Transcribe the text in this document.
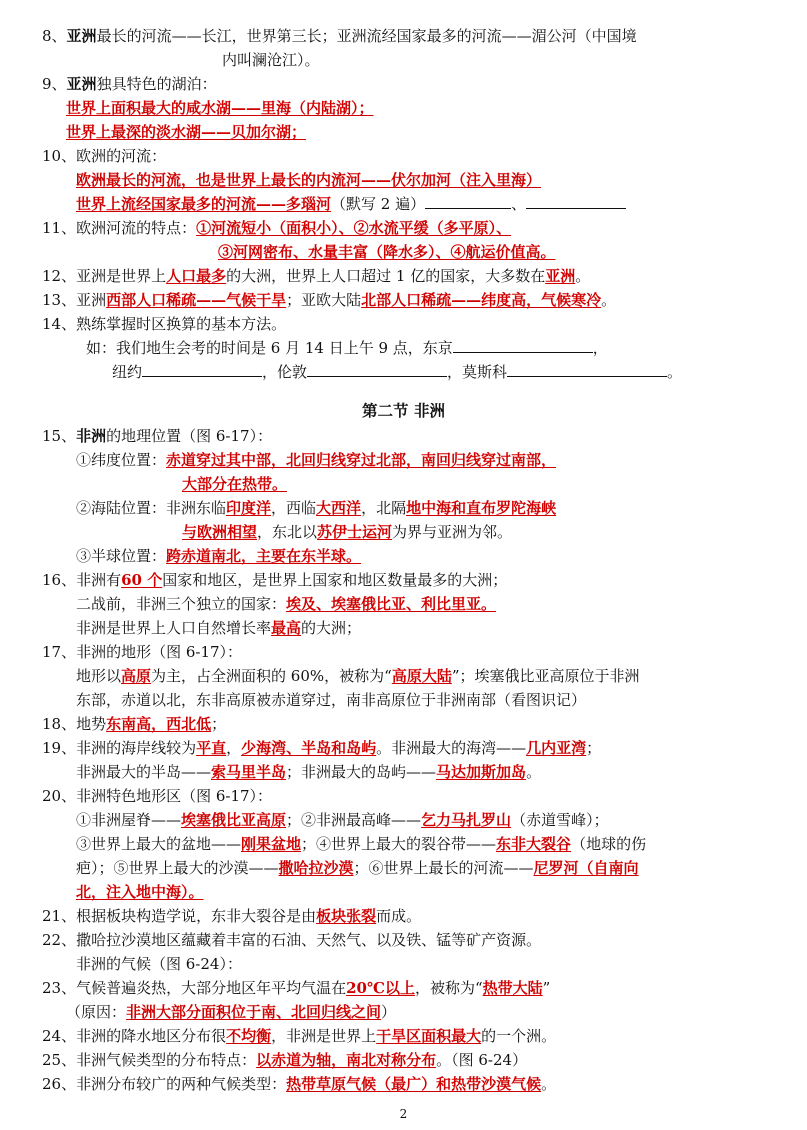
8、亚洲最长的河流——长江，世界第三长；亚洲流经国家最多的河流——湄公河（中国境
内叫澜沧江）。
9、亚洲独具特色的湖泊：
世界上面积最大的咸水湖——里海（内陆湖）；
世界上最深的淡水湖——贝加尔湖；
10、欧洲的河流：
欧洲最长的河流，也是世界上最长的内流河——伏尔加河（注入里海）
世界上流经国家最多的河流——多瑙河（默写 2 遍）	、
11、欧洲河流的特点：①河流短小（面积小）、②水流平缓（多平原）、
③河网密布、水量丰富（降水多）、④航运价值高。
12、亚洲是世界上人口最多的大洲，世界上人口超过 1 亿的国家，大多数在亚洲。
13、亚洲西部人口稀疏——气候干旱；亚欧大陆北部人口稀疏——纬度高，气候寒冷。
14、熟练掌握时区换算的基本方法。
如：我们地生会考的时间是 6 月 14 日上午 9 点，东京	，
纽约	，伦敦	，莫斯科	。
15、非洲的地理位置（图 6-17）：
①纬度位置：赤道穿过其中部，北回归线穿过北部，南回归线穿过南部，
大部分在热带。
②海陆位置：非洲东临印度洋，西临大西洋，北隔地中海和直布罗陀海峡
与欧洲相望，东北以苏伊士运河为界与亚洲为邻。
③半球位置：跨赤道南北，主要在东半球。
16、非洲有60 个国家和地区，是世界上国家和地区数量最多的大洲；
二战前，非洲三个独立的国家：埃及、埃塞俄比亚、利比里亚。
非洲是世界上人口自然增长率最高的大洲；
17、非洲的地形（图 6-17）：
地形以高原为主，占全洲面积的 60%，被称为“高原大陆”；埃塞俄比亚高原位于非洲
东部，赤道以北，东非高原被赤道穿过，南非高原位于非洲南部（看图识记）
18、地势东南高，西北低；
19、非洲的海岸线较为平直，少海湾、半岛和岛屿。非洲最大的海湾——几内亚湾；
非洲最大的半岛——索马里半岛；非洲最大的岛屿——马达加斯加岛。
20、非洲特色地形区（图 6-17）：
①非洲屋脊——埃塞俄比亚高原；②非洲最高峰——乞力马扎罗山（赤道雪峰）；
③世界上最大的盆地——刚果盆地；④世界上最大的裂谷带——东非大裂谷（地球的伤
疤）；⑤世界上最大的沙漠——撒哈拉沙漠；⑥世界上最长的河流——尼罗河（自南向
北，注入地中海）。
21、根据板块构造学说，东非大裂谷是由板块张裂而成。
22、撒哈拉沙漠地区蕴藏着丰富的石油、天然气、以及铁、锰等矿产资源。
非洲的气候（图 6-24）：
23、气候普遍炎热，大部分地区年平均气温在20℃以上，被称为“热带大陆”
（原因：非洲大部分面积位于南、北回归线之间）
24、非洲的降水地区分布很不均衡，非洲是世界上干旱区面积最大的一个洲。
25、非洲气候类型的分布特点：以赤道为轴，南北对称分布。（图 6-24）
26、非洲分布较广的两种气候类型：热带草原气候（最广）和热带沙漠气候。
第二节 非洲
2
